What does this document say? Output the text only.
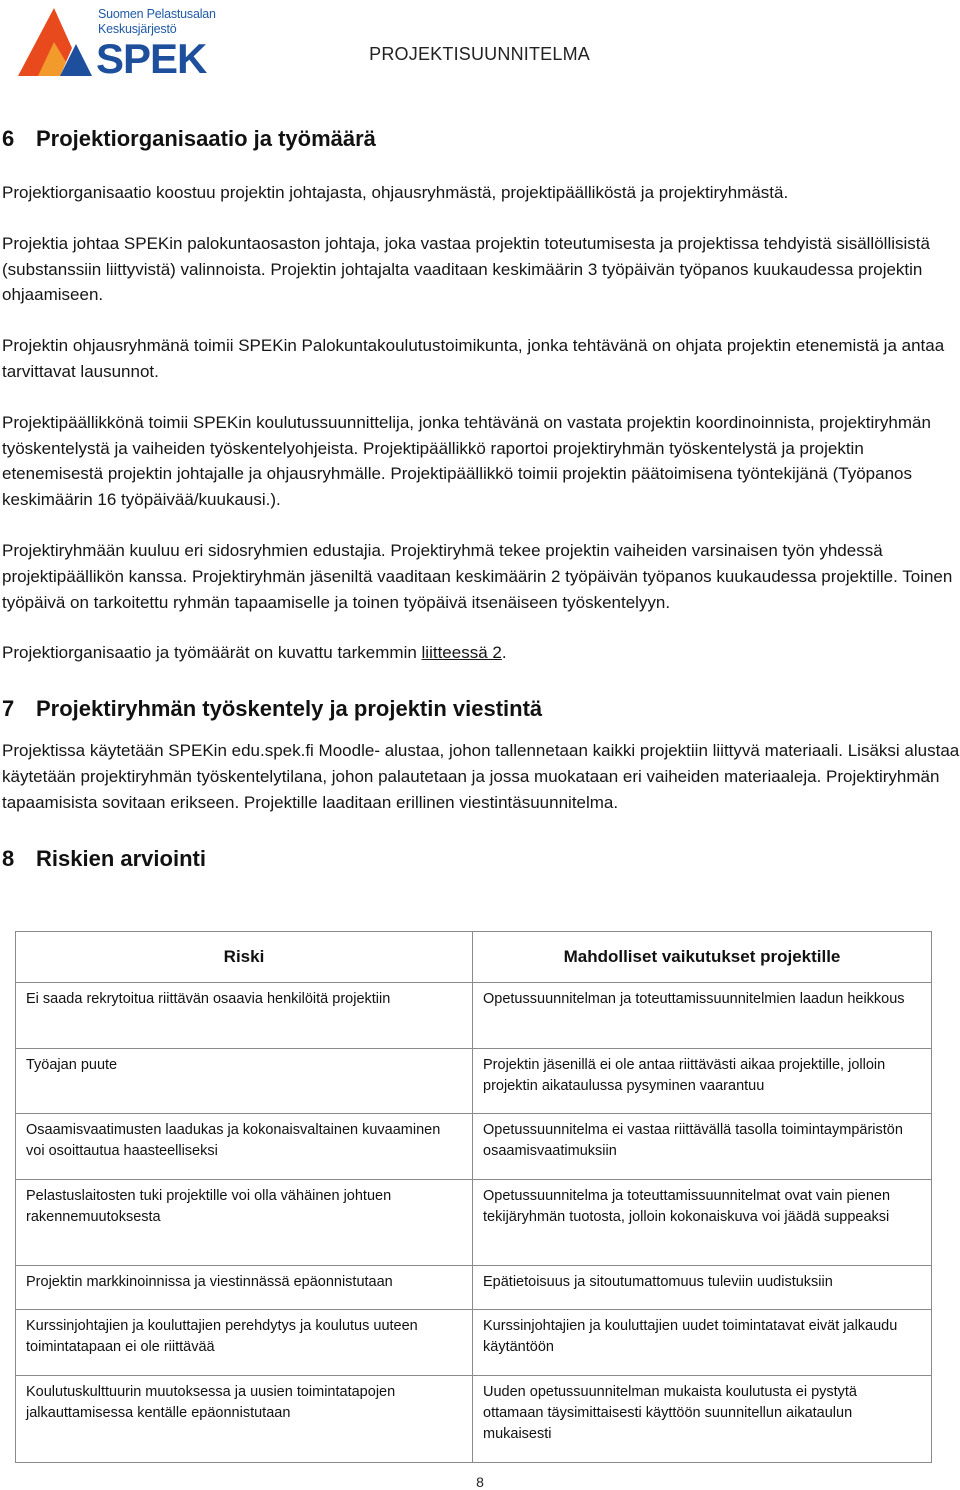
Suomen Pelastusalan
Keskusjärjestö
SPEK	PROJEKTISUUNNITELMA
6 Projektiorganisaatio ja työmäärä

Projektiorganisaatio koostuu projektin johtajasta, ohjausryhmästä, projektipäälliköstä ja projektiryhmästä.

Projektia johtaa SPEKin palokuntaosaston johtaja, joka vastaa projektin toteutumisesta ja projektissa tehdyistä sisällöllisistä (substanssiin liittyvistä) valinnoista. Projektin johtajalta vaaditaan keskimäärin 3 työpäivän työpanos kuukaudessa projektin ohjaamiseen.

Projektin ohjausryhmänä toimii SPEKin Palokuntakoulutustoimikunta, jonka tehtävänä on ohjata projektin etenemistä ja antaa tarvittavat lausunnot.

Projektipäällikkönä toimii SPEKin koulutussuunnittelija, jonka tehtävänä on vastata projektin koordinoinnista, projektiryhmän työskentelystä ja vaiheiden työskentelyohjeista. Projektipäällikkö raportoi projektiryhmän työskentelystä ja projektin etenemisestä projektin johtajalle ja ohjausryhmälle. Projektipäällikkö toimii projektin päätoimisena työntekijänä (Työpanos keskimäärin 16 työpäivää/kuukausi.).

Projektiryhmään kuuluu eri sidosryhmien edustajia. Projektiryhmä tekee projektin vaiheiden varsinaisen työn yhdessä projektipäällikön kanssa. Projektiryhmän jäseniltä vaaditaan keskimäärin 2 työpäivän työpanos kuukaudessa projektille. Toinen työpäivä on tarkoitettu ryhmän tapaamiselle ja toinen työpäivä itsenäiseen työskentelyyn.

Projektiorganisaatio ja työmäärät on kuvattu tarkemmin liitteessä 2.

7 Projektiryhmän työskentely ja projektin viestintä

Projektissa käytetään SPEKin edu.spek.fi Moodle- alustaa, johon tallennetaan kaikki projektiin liittyvä materiaali. Lisäksi alustaa käytetään projektiryhmän työskentelytilana, johon palautetaan ja jossa muokataan eri vaiheiden materiaaleja. Projektiryhmän tapaamisista sovitaan erikseen. Projektille laaditaan erillinen viestintäsuunnitelma.

8 Riskien arviointi
Riski	Mahdolliset vaikutukset projektille
Ei saada rekrytoitua riittävän osaavia henkilöitä projektiin	Opetussuunnitelman ja toteuttamissuunnitelmien laadun heikkous
Työajan puute	Projektin jäsenillä ei ole antaa riittävästi aikaa projektille, jolloin projektin aikataulussa pysyminen vaarantuu
Osaamisvaatimusten laadukas ja kokonaisvaltainen kuvaaminen voi osoittautua haasteelliseksi	Opetussuunnitelma ei vastaa riittävällä tasolla toimintaympäristön osaamisvaatimuksiin
Pelastuslaitosten tuki projektille voi olla vähäinen johtuen rakennemuutoksesta	Opetussuunnitelma ja toteuttamissuunnitelmat ovat vain pienen tekijäryhmän tuotosta, jolloin kokonaiskuva voi jäädä suppeaksi
Projektin markkinoinnissa ja viestinnässä epäonnistutaan	Epätietoisuus ja sitoutumattomuus tuleviin uudistuksiin
Kurssinjohtajien ja kouluttajien perehdytys ja koulutus uuteen toimintatapaan ei ole riittävää	Kurssinjohtajien ja kouluttajien uudet toimintatavat eivät jalkaudu käytäntöön
Koulutuskulttuurin muutoksessa ja uusien toimintatapojen jalkauttamisessa kentälle epäonnistutaan	Uuden opetussuunnitelman mukaista koulutusta ei pystytä ottamaan täysimittaisesti käyttöön suunnitellun aikataulun mukaisesti
8
